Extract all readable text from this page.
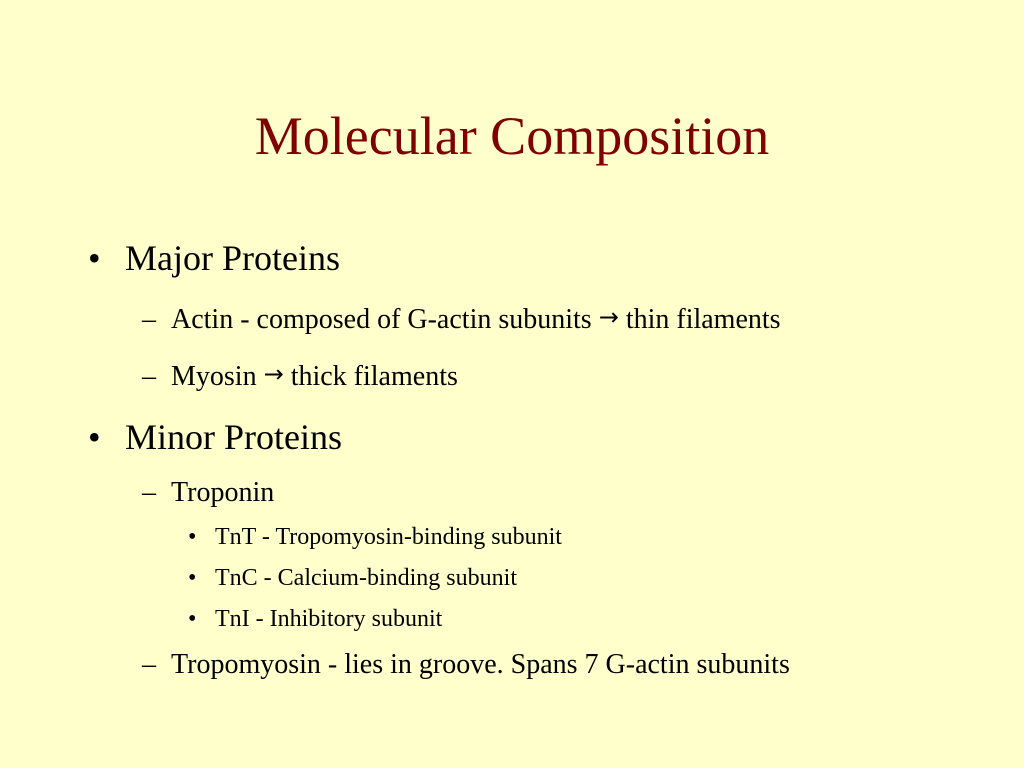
Molecular Composition
• Major Proteins
– Actin - composed of G-actin subunits → thin filaments
– Myosin → thick filaments
• Minor Proteins
– Troponin
• TnT - Tropomyosin-binding subunit
• TnC - Calcium-binding subunit
• TnI - Inhibitory subunit
– Tropomyosin - lies in groove. Spans 7 G-actin subunits
